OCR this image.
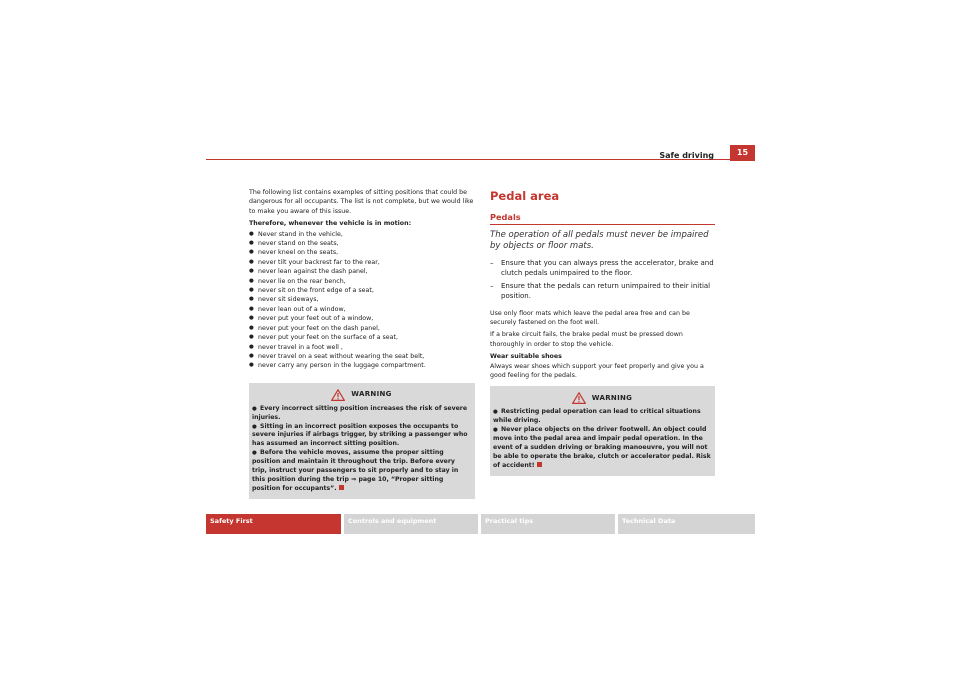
Safe driving	15

The following list contains examples of sitting positions that could be dangerous for all occupants. The list is not complete, but we would like to make you aware of this issue.

Therefore, whenever the vehicle is in motion:

● Never stand in the vehicle,
● never stand on the seats,
● never kneel on the seats,
● never tilt your backrest far to the rear,
● never lean against the dash panel,
● never lie on the rear bench,
● never sit on the front edge of a seat,
● never sit sideways,
● never lean out of a window,
● never put your feet out of a window,
● never put your feet on the dash panel,
● never put your feet on the surface of a seat,
● never travel in a foot well ,
● never travel on a seat without wearing the seat belt,
● never carry any person in the luggage compartment.
WARNING

● Every incorrect sitting position increases the risk of severe injuries.

● Sitting in an incorrect position exposes the occupants to severe injuries if airbags trigger, by striking a passenger who has assumed an incorrect sitting position.

● Before the vehicle moves, assume the proper sitting position and maintain it throughout the trip. Before every trip, instruct your passengers to sit properly and to stay in this position during the trip ⇒ page 10, “Proper sitting position for occupants”.

Pedal area
Pedals
The operation of all pedals must never be impaired by objects or floor mats.
– Ensure that you can always press the accelerator, brake and clutch pedals unimpaired to the floor.
– Ensure that the pedals can return unimpaired to their initial position.

Use only floor mats which leave the pedal area free and can be securely fastened on the foot well.

If a brake circuit fails, the brake pedal must be pressed down thoroughly in order to stop the vehicle.

Wear suitable shoes

Always wear shoes which support your feet properly and give you a good feeling for the pedals.

WARNING

● Restricting pedal operation can lead to critical situations while driving.

● Never place objects on the driver footwell. An object could move into the pedal area and impair pedal operation. In the event of a sudden driving or braking manoeuvre, you will not be able to operate the brake, clutch or accelerator pedal. Risk of accident!

Safety First	Controls and equipment	Practical tips	Technical Data
